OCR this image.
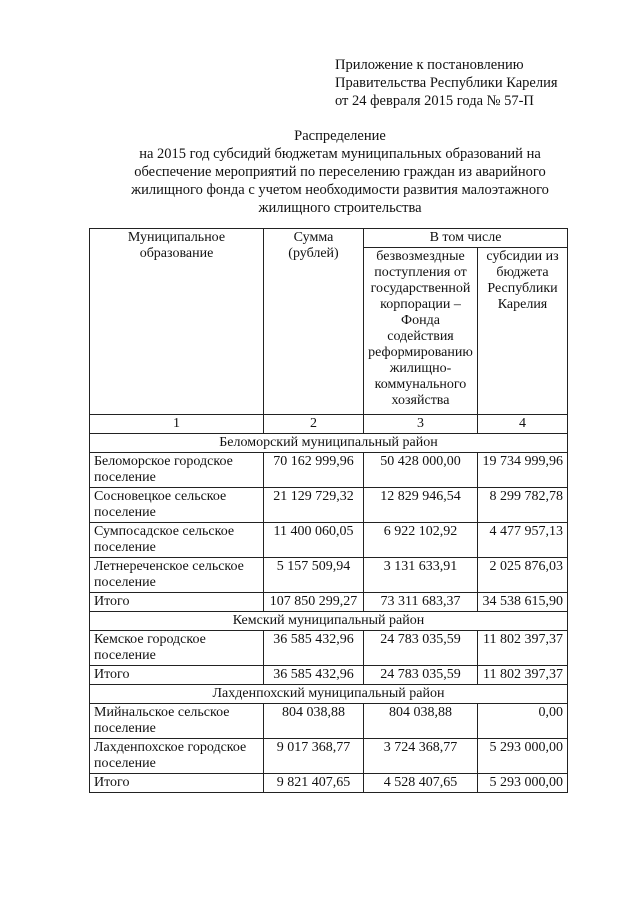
Приложение к постановлению
Правительства Республики Карелия
от 24 февраля 2015 года № 57-П
Распределение
на 2015 год субсидий бюджетам муниципальных образований на
обеспечение мероприятий по переселению граждан из аварийного
жилищного фонда с учетом необходимости развития малоэтажного
жилищного строительства
Муниципальное образование	Сумма (рублей)	В том числе	
		безвозмездные поступления от государственной корпорации – Фонда содействия реформированию жилищно-коммунального хозяйства	субсидии из бюджета Республики Карелия
1	2	3	4
Беломорский муниципальный район			
Беломорское городское поселение	70 162 999,96	50 428 000,00	19 734 999,96
Сосновецкое сельское поселение	21 129 729,32	12 829 946,54	8 299 782,78
Сумпосадское сельское поселение	11 400 060,05	6 922 102,92	4 477 957,13
Летнереченское сельское поселение	5 157 509,94	3 131 633,91	2 025 876,03
Итого	107 850 299,27	73 311 683,37	34 538 615,90
Кемский муниципальный район			
Кемское городское поселение	36 585 432,96	24 783 035,59	11 802 397,37
Итого	36 585 432,96	24 783 035,59	11 802 397,37
Лахденпохский муниципальный район			
Мийнальское сельское поселение	804 038,88	804 038,88	0,00
Лахденпохское городское поселение	9 017 368,77	3 724 368,77	5 293 000,00
Итого	9 821 407,65	4 528 407,65	5 293 000,00
